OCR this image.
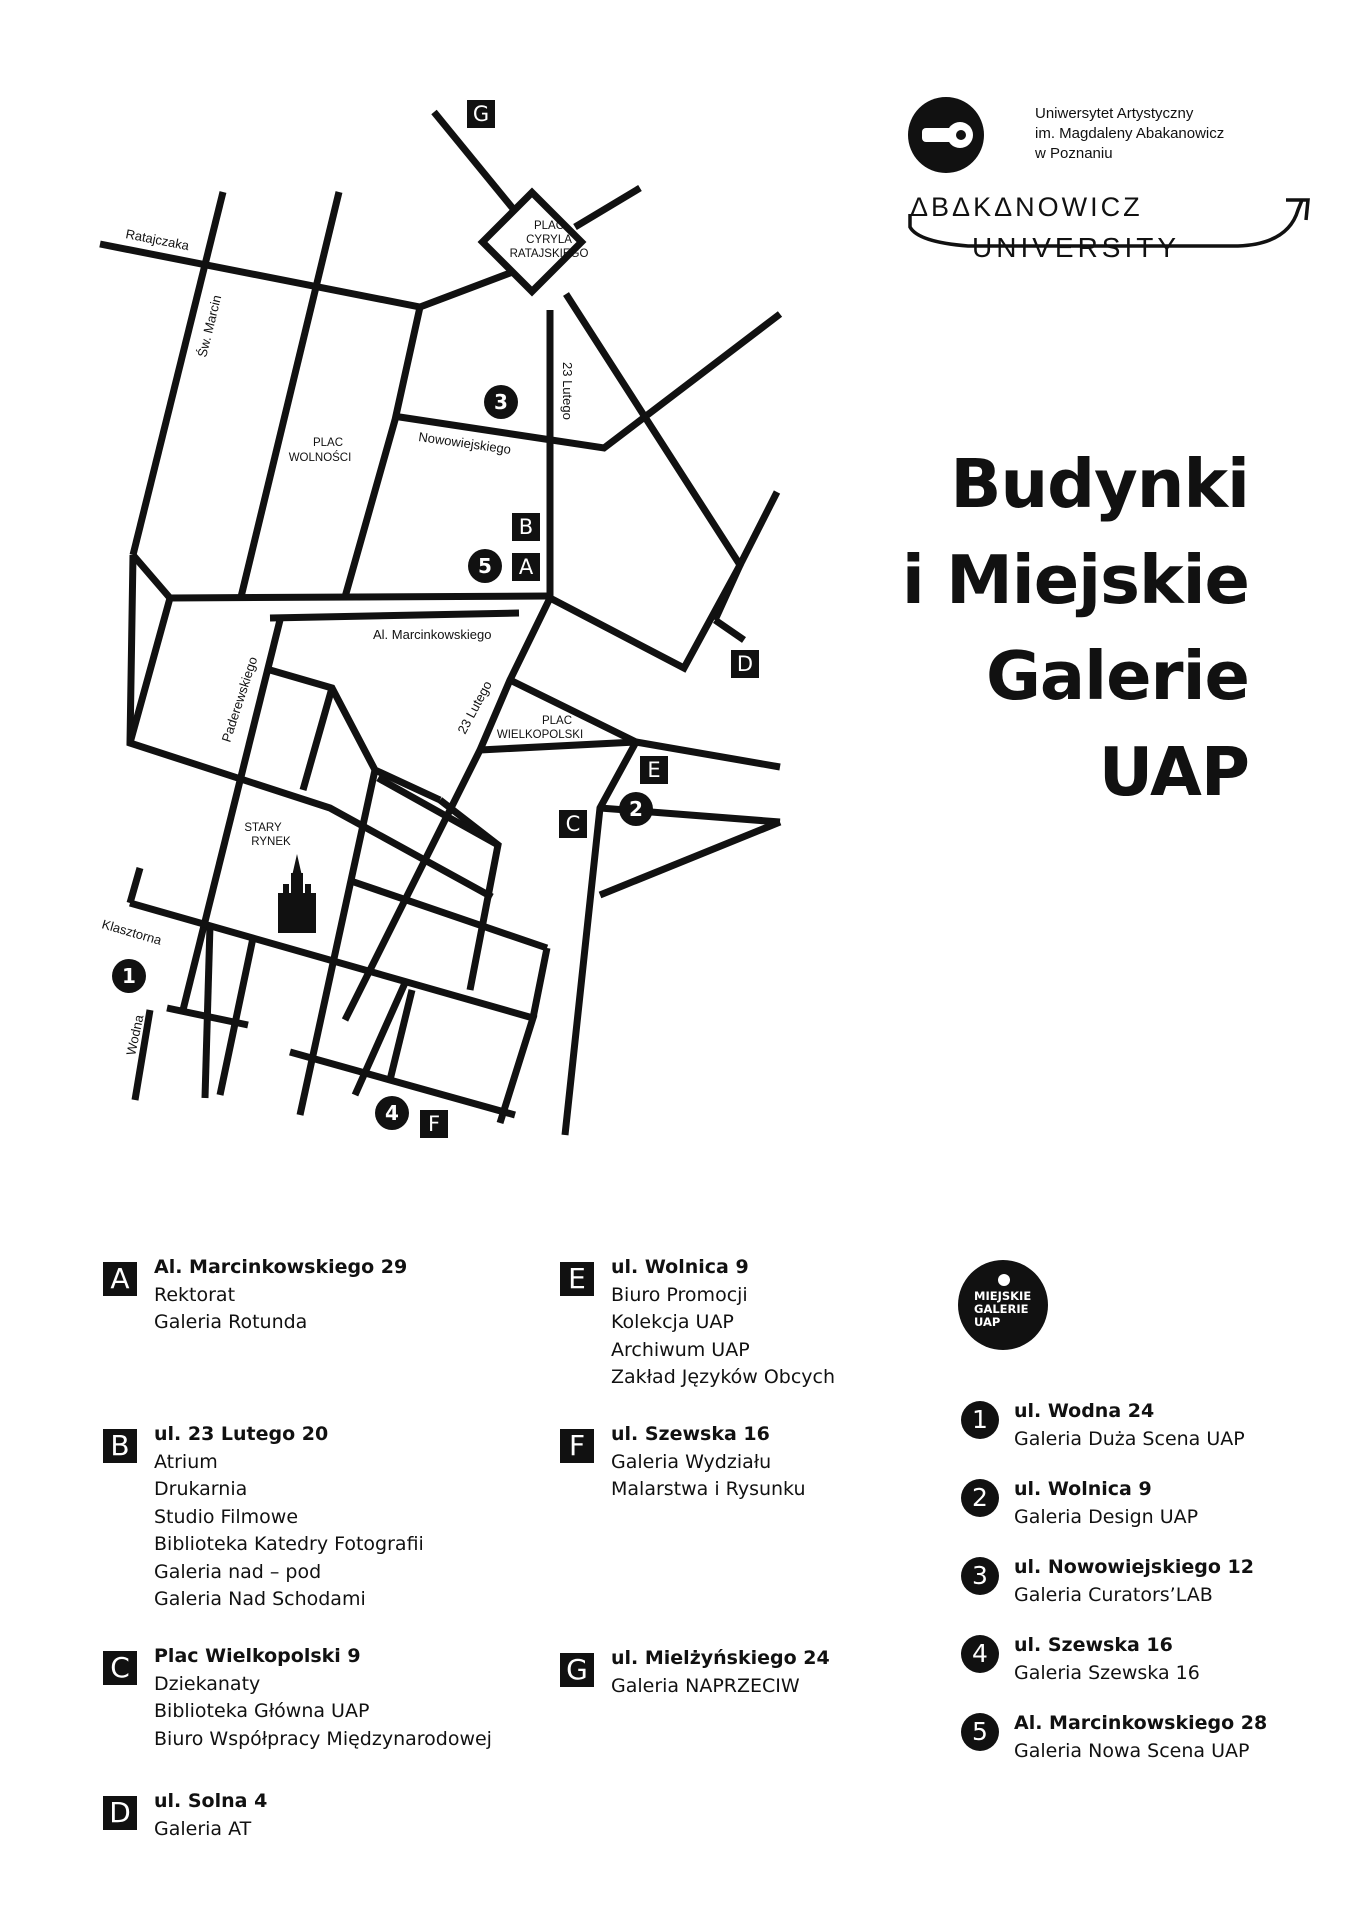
Ratajczaka
Św. Marcin
23 Lutego
Nowowiejskiego
Al. Marcinkowskiego
Paderewskiego	23 Lutego
Klasztorna
Wodna
PLAC
CYRYLA
RATAJSKIEGO
PLAC
WOLNOŚCI
PLAC
WIELKOPOLSKI
STARY
RYNEK
G
B
A
D
E
C
F
3
5
2
1
4
Uniwersytet Artystyczny
im. Magdaleny Abakanowicz
w Poznaniu
ΔBΔKΔNOWICZ
UNIVERSITY
Budynki
i Miejskie
Galerie
UAP
A	Al. Marcinkowskiego 29
Rektorat
Galeria Rotunda
B	ul. 23 Lutego 20
Atrium
Drukarnia
Studio Filmowe
Biblioteka Katedry Fotografii
Galeria nad – pod
Galeria Nad Schodami
C	Plac Wielkopolski 9
Dziekanaty
Biblioteka Główna UAP
Biuro Współpracy Międzynarodowej
D	ul. Solna 4
Galeria AT
E	ul. Wolnica 9
Biuro Promocji
Kolekcja UAP
Archiwum UAP
Zakład Języków Obcych
F	ul. Szewska 16
Galeria Wydziału
Malarstwa i Rysunku
G	ul. Mielżyńskiego 24
Galeria NAPRZECIW
MIEJSKIE
GALERIE
UAP
1	ul. Wodna 24
Galeria Duża Scena UAP
2	ul. Wolnica 9
Galeria Design UAP
3	ul. Nowowiejskiego 12
Galeria Curators’LAB
4	ul. Szewska 16
Galeria Szewska 16
5	Al. Marcinkowskiego 28
Galeria Nowa Scena UAP
